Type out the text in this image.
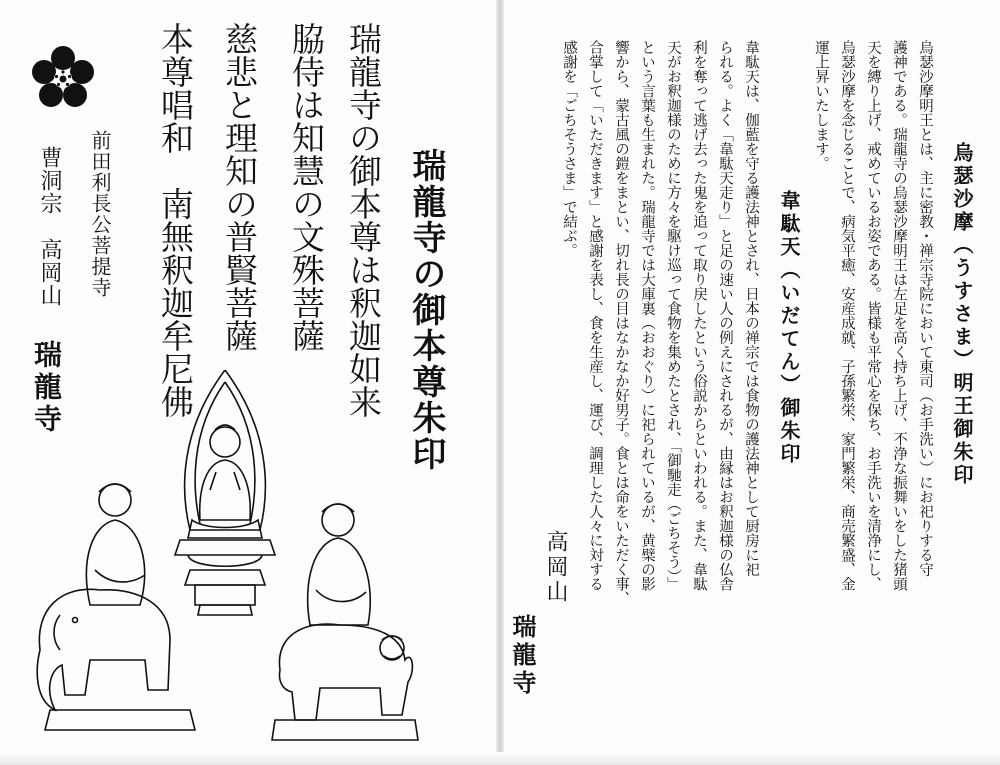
瑞龍寺の御本尊朱印
瑞龍寺の御本尊は釈迦如来
脇侍は知慧の文殊菩薩
慈悲と理知の普賢菩薩
本尊唱和　南無釈迦牟尼佛
前田利長公菩提寺
曹洞宗　高岡山
瑞龍寺	烏瑟沙摩（うすさま）明王御朱印
烏瑟沙摩明王とは、主に密教・禅宗寺院において東司（お手洗い）にお祀りする守
護神である。瑞龍寺の烏瑟沙摩明王は左足を高く持ち上げ、不浄な振舞いをした猪頭
天を縛り上げ、戒めているお姿である。皆様も平常心を保ち、お手洗いを清浄にし、
烏瑟沙摩を念じることで、病気平癒、安産成就、子孫繁栄、家門繁栄、商売繁盛、金
運上昇いたします。
韋駄天（いだてん）御朱印
韋駄天は、伽藍を守る護法神とされ、日本の禅宗では食物の護法神として厨房に祀
られる。よく「韋駄天走り」と足の速い人の例えにされるが、由縁はお釈迦様の仏舎
利を奪って逃げ去った鬼を追って取り戻したという俗説からといわれる。また、韋駄
天がお釈迦様のために方々を駆け巡って食物を集めたとされ、「御馳走（ごちそう）」
という言葉も生まれた。瑞龍寺では大庫裏（おおぐり）に祀られているが、黄檗の影
響から、蒙古風の鎧をまとい、切れ長の目はなかなか好男子。食とは命をいただく事、
合掌して「いただきます」と感謝を表し、食を生産し、運び、調理した人々に対する
感謝を「ごちそうさま」で結ぶ。
高岡山
瑞龍寺
